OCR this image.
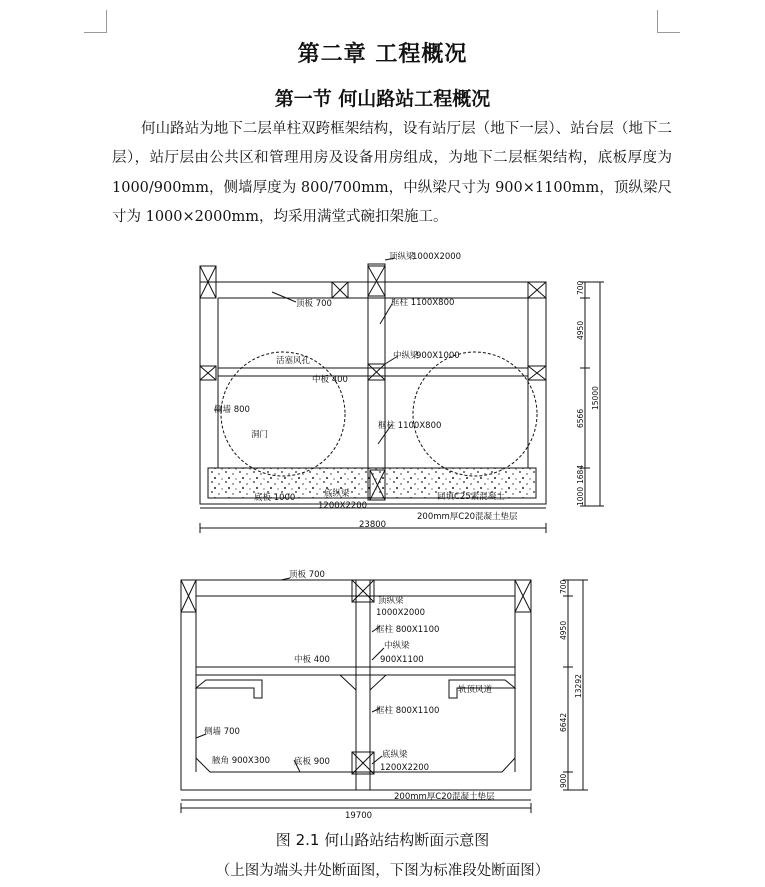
第二章 工程概况
第一节 何山路站工程概况
何山路站为地下二层单柱双跨框架结构，设有站厅层（地下一层）、站台层（地下二层），站厅层由公共区和管理用房及设备用房组成，为地下二层框架结构，底板厚度为 1000/900mm，侧墙厚度为 800/700mm，中纵梁尺寸为 900×1100mm，顶纵梁尺寸为 1000×2000mm，均采用满堂式碗扣架施工。
顶纵梁
1000X2000
顶板 700	框柱 1100X800
中纵梁
900X1000
活塞风孔
中板 400
侧墙 800
洞门
框柱 1100X800
底纵梁
1200X2200
底板 1000	回填C25素混凝土
200mm厚C20混凝土垫层
23800
700
4950
6566
1684
1000
15000
顶板 700
顶纵梁
1000X2000
框柱 800X1100
中纵梁
900X1100
中板 400
轨顶风道
框柱 800X1100
侧墙 700
腋角 900X300	底板 900
底纵梁
1200X2200
200mm厚C20混凝土垫层
19700
700
4950
6642
900
13292
图 2.1 何山路站结构断面示意图
（上图为端头井处断面图，下图为标准段处断面图）
